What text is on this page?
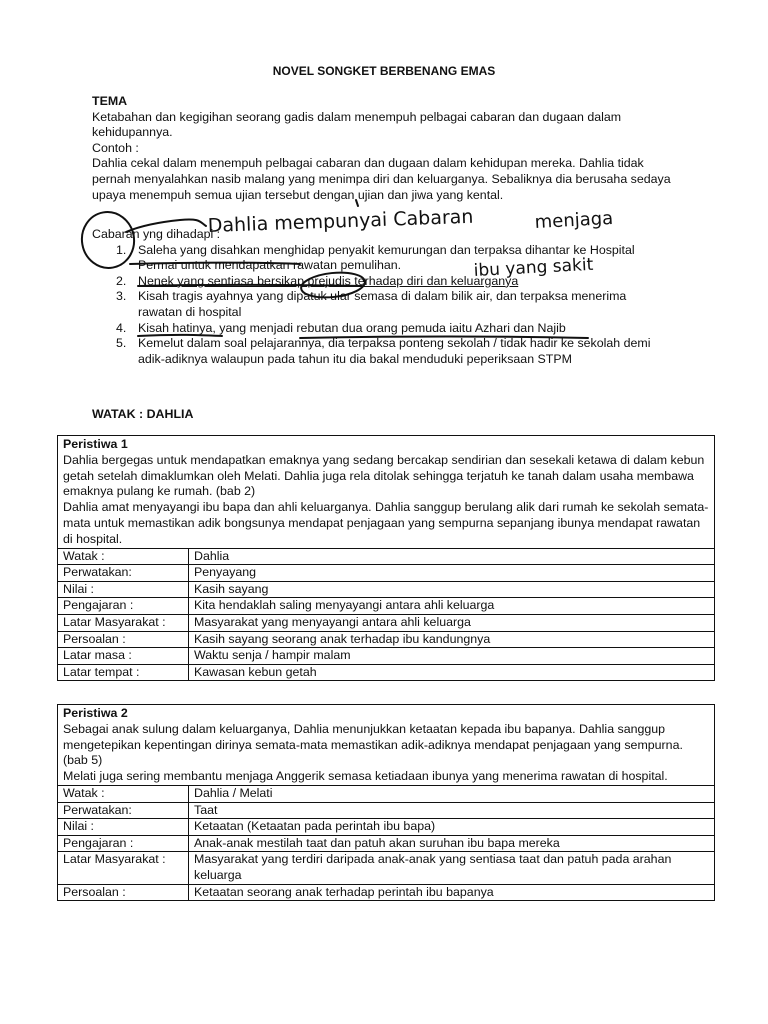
NOVEL SONGKET BERBENANG EMAS
TEMA
Ketabahan dan kegigihan seorang gadis dalam menempuh pelbagai cabaran dan dugaan dalam kehidupannya.
Contoh :
Dahlia cekal dalam menempuh pelbagai cabaran dan dugaan dalam kehidupan mereka. Dahlia tidak pernah menyalahkan nasib malang yang menimpa diri dan keluarganya. Sebaliknya dia berusaha sedaya upaya menempuh semua ujian tersebut dengan ujian dan jiwa yang kental.
Cabaran yng dihadapi :
1. Saleha yang disahkan menghidap penyakit kemurungan dan terpaksa dihantar ke Hospital Permai untuk mendapatkan rawatan pemulihan.
2. Nenek yang sentiasa bersikap prejudis terhadap diri dan keluarganya
3. Kisah tragis ayahnya yang dipatuk ular semasa di dalam bilik air, dan terpaksa menerima rawatan di hospital
4. Kisah hatinya, yang menjadi rebutan dua orang pemuda iaitu Azhari dan Najib
5. Kemelut dalam soal pelajarannya, dia terpaksa ponteng sekolah / tidak hadir ke sekolah demi adik-adiknya walaupun pada tahun itu dia bakal menduduki peperiksaan STPM
WATAK : DAHLIA
Peristiwa 1
Dahlia bergegas untuk mendapatkan emaknya yang sedang bercakap sendirian dan sesekali ketawa di dalam kebun getah setelah dimaklumkan oleh Melati. Dahlia juga rela ditolak sehingga terjatuh ke tanah dalam usaha membawa emaknya pulang ke rumah. (bab 2)
Dahlia amat menyayangi ibu bapa dan ahli keluarganya. Dahlia sanggup berulang alik dari rumah ke sekolah semata-mata untuk memastikan adik bongsunya mendapat penjagaan yang sempurna sepanjang ibunya mendapat rawatan di hospital.
Watak :	Dahlia
Perwatakan:	Penyayang
Nilai :	Kasih sayang
Pengajaran :	Kita hendaklah saling menyayangi antara ahli keluarga
Latar Masyarakat :	Masyarakat yang menyayangi antara ahli keluarga
Persoalan :	Kasih sayang seorang anak terhadap ibu kandungnya
Latar masa :	Waktu senja / hampir malam
Latar tempat :	Kawasan kebun getah
Peristiwa 2
Sebagai anak sulung dalam keluarganya, Dahlia menunjukkan ketaatan kepada ibu bapanya. Dahlia sanggup mengetepikan kepentingan dirinya semata-mata memastikan adik-adiknya mendapat penjagaan yang sempurna. (bab 5)
Melati juga sering membantu menjaga Anggerik semasa ketiadaan ibunya yang menerima rawatan di hospital.
Watak :	Dahlia / Melati
Perwatakan:	Taat
Nilai :	Ketaatan (Ketaatan pada perintah ibu bapa)
Pengajaran :	Anak-anak mestilah taat dan patuh akan suruhan ibu bapa mereka
Latar Masyarakat :	Masyarakat yang terdiri daripada anak-anak yang sentiasa taat dan patuh pada arahan keluarga
Persoalan :	Ketaatan seorang anak terhadap perintah ibu bapanya
Dahlia mempunyai Cabaran	menjaga
ibu yang sakit
